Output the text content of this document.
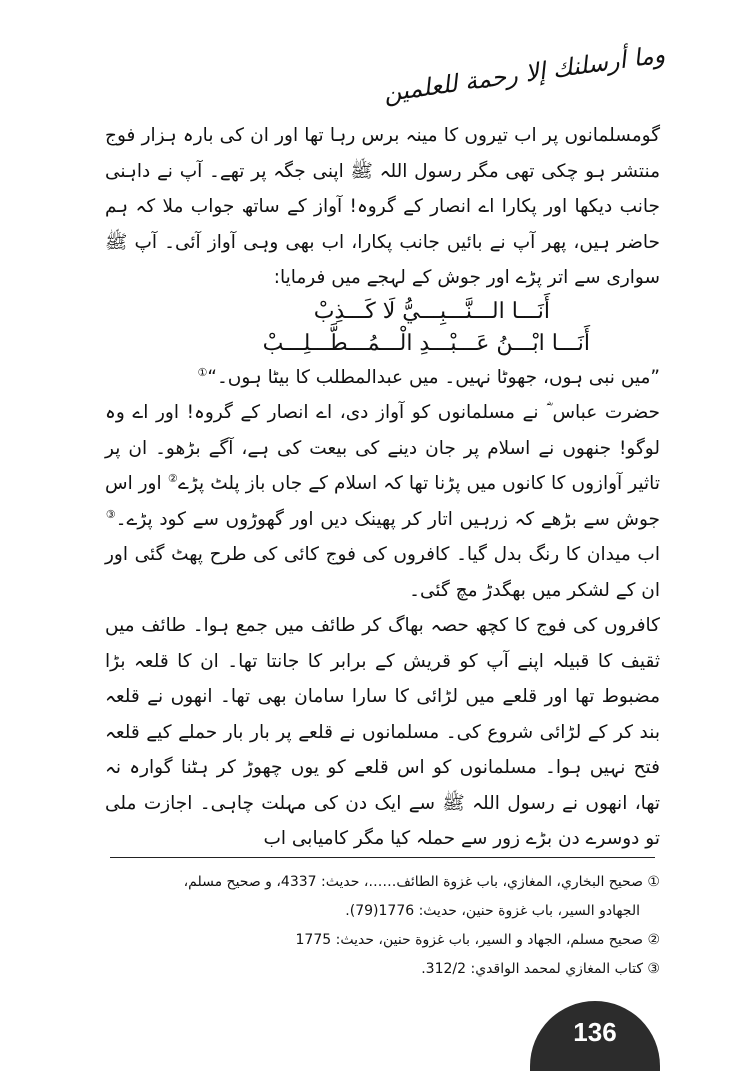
وما أرسلنك إلا رحمة للعلمين

گومسلمانوں پر اب تیروں کا مینہ برس رہا تھا اور ان کی بارہ ہزار فوج منتشر ہو چکی تھی مگر رسول اللہ ﷺ اپنی جگہ پر تھے۔ آپ نے داہنی جانب دیکھا اور پکارا اے انصار کے گروہ! آواز کے ساتھ جواب ملا کہ ہم حاضر ہیں، پھر آپ نے بائیں جانب پکارا، اب بھی وہی آواز آئی۔ آپ ﷺ سواری سے اتر پڑے اور جوش کے لہجے میں فرمایا:

أَنَـــا الـــنَّـــبِـــيُّ لَا كَـــذِبْ
أَنَـــا ابْـــنُ عَـــبْـــدِ الْـــمُـــطَّـــلِـــبْ

”میں نبی ہوں، جھوٹا نہیں۔ میں عبدالمطلب کا بیٹا ہوں۔“①

حضرت عباس ؓ نے مسلمانوں کو آواز دی، اے انصار کے گروہ! اور اے وہ لوگو! جنھوں نے اسلام پر جان دینے کی بیعت کی ہے، آگے بڑھو۔ ان پر تاثیر آوازوں کا کانوں میں پڑنا تھا کہ اسلام کے جاں باز پلٹ پڑے② اور اس جوش سے بڑھے کہ زرہیں اتار کر پھینک دیں اور گھوڑوں سے کود پڑے۔③ اب میدان کا رنگ بدل گیا۔ کافروں کی فوج کائی کی طرح پھٹ گئی اور ان کے لشکر میں بھگدڑ مچ گئی۔

کافروں کی فوج کا کچھ حصہ بھاگ کر طائف میں جمع ہوا۔ طائف میں ثقیف کا قبیلہ اپنے آپ کو قریش کے برابر کا جانتا تھا۔ ان کا قلعہ بڑا مضبوط تھا اور قلعے میں لڑائی کا سارا سامان بھی تھا۔ انھوں نے قلعہ بند کر کے لڑائی شروع کی۔ مسلمانوں نے قلعے پر بار بار حملے کیے قلعہ فتح نہیں ہوا۔ مسلمانوں کو اس قلعے کو یوں چھوڑ کر ہٹنا گوارہ نہ تھا، انھوں نے رسول اللہ ﷺ سے ایک دن کی مہلت چاہی۔ اجازت ملی تو دوسرے دن بڑے زور سے حملہ کیا مگر کامیابی اب

① صحيح البخاري، المغازي، باب غزوة الطائف……، حديث: 4337، و صحيح مسلم،
الجهادو السير، باب غزوة حنين، حديث: 1776(79).
② صحيح مسلم، الجهاد و السير، باب غزوة حنين، حديث: 1775
③ كتاب المغازي لمحمد الواقدي: 312/2.
136
